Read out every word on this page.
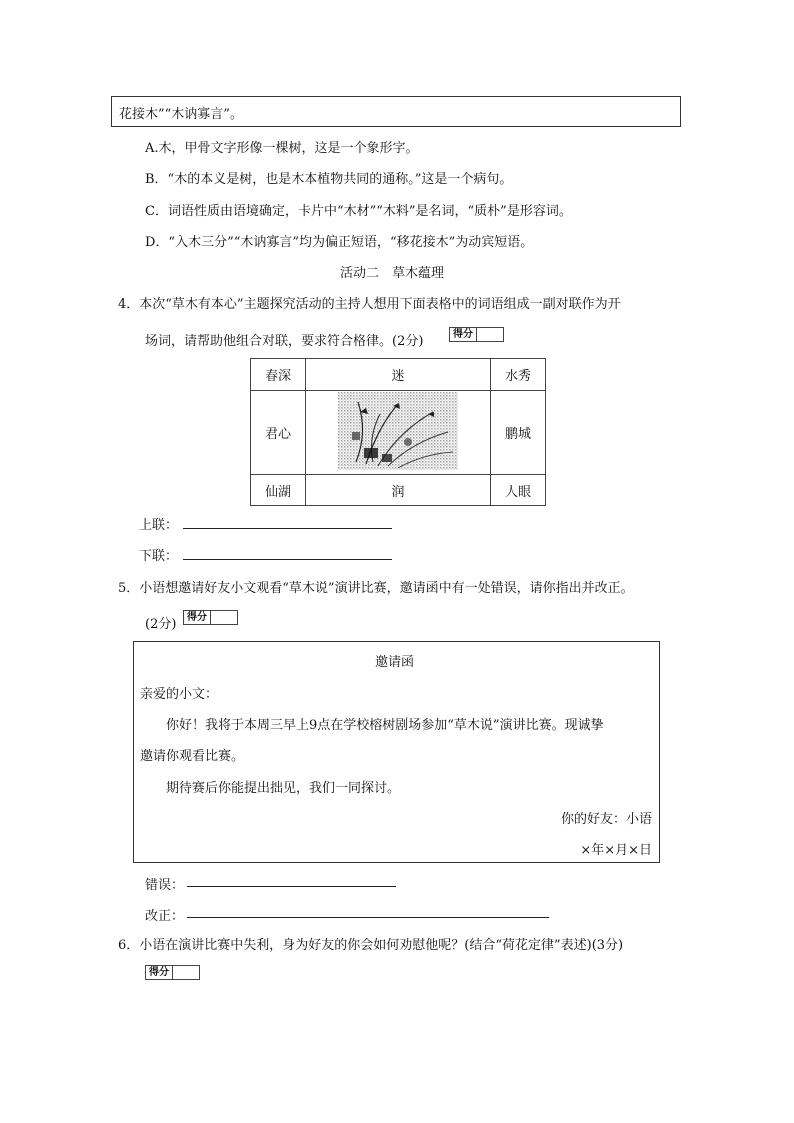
花接木”“木讷寡言”。
A.木，甲骨文字形像一棵树，这是一个象形字。
B．“木的本义是树，也是木本植物共同的通称。”这是一个病句。
C．词语性质由语境确定，卡片中“木材”“木料”是名词，“质朴”是形容词。
D．“入木三分”“木讷寡言”均为偏正短语，“移花接木”为动宾短语。
活动二　草木蕴理
4．本次“草木有本心”主题探究活动的主持人想用下面表格中的词语组成一副对联作为开
场词，请帮助他组合对联，要求符合格律。(2分)	得分
春深	迷	水秀
君心		鹏城
仙湖	润	人眼
上联：
下联：
5．小语想邀请好友小文观看“草木说”演讲比赛，邀请函中有一处错误，请你指出并改正。
(2分)	得分
邀请函
亲爱的小文：
你好！我将于本周三早上9点在学校榕树剧场参加“草木说”演讲比赛。现诚挚
邀请你观看比赛。
期待赛后你能提出拙见，我们一同探讨。
你的好友：小语
×年×月×日
错误：
改正：
6．小语在演讲比赛中失利，身为好友的你会如何劝慰他呢？(结合“荷花定律”表述)(3分)
得分
